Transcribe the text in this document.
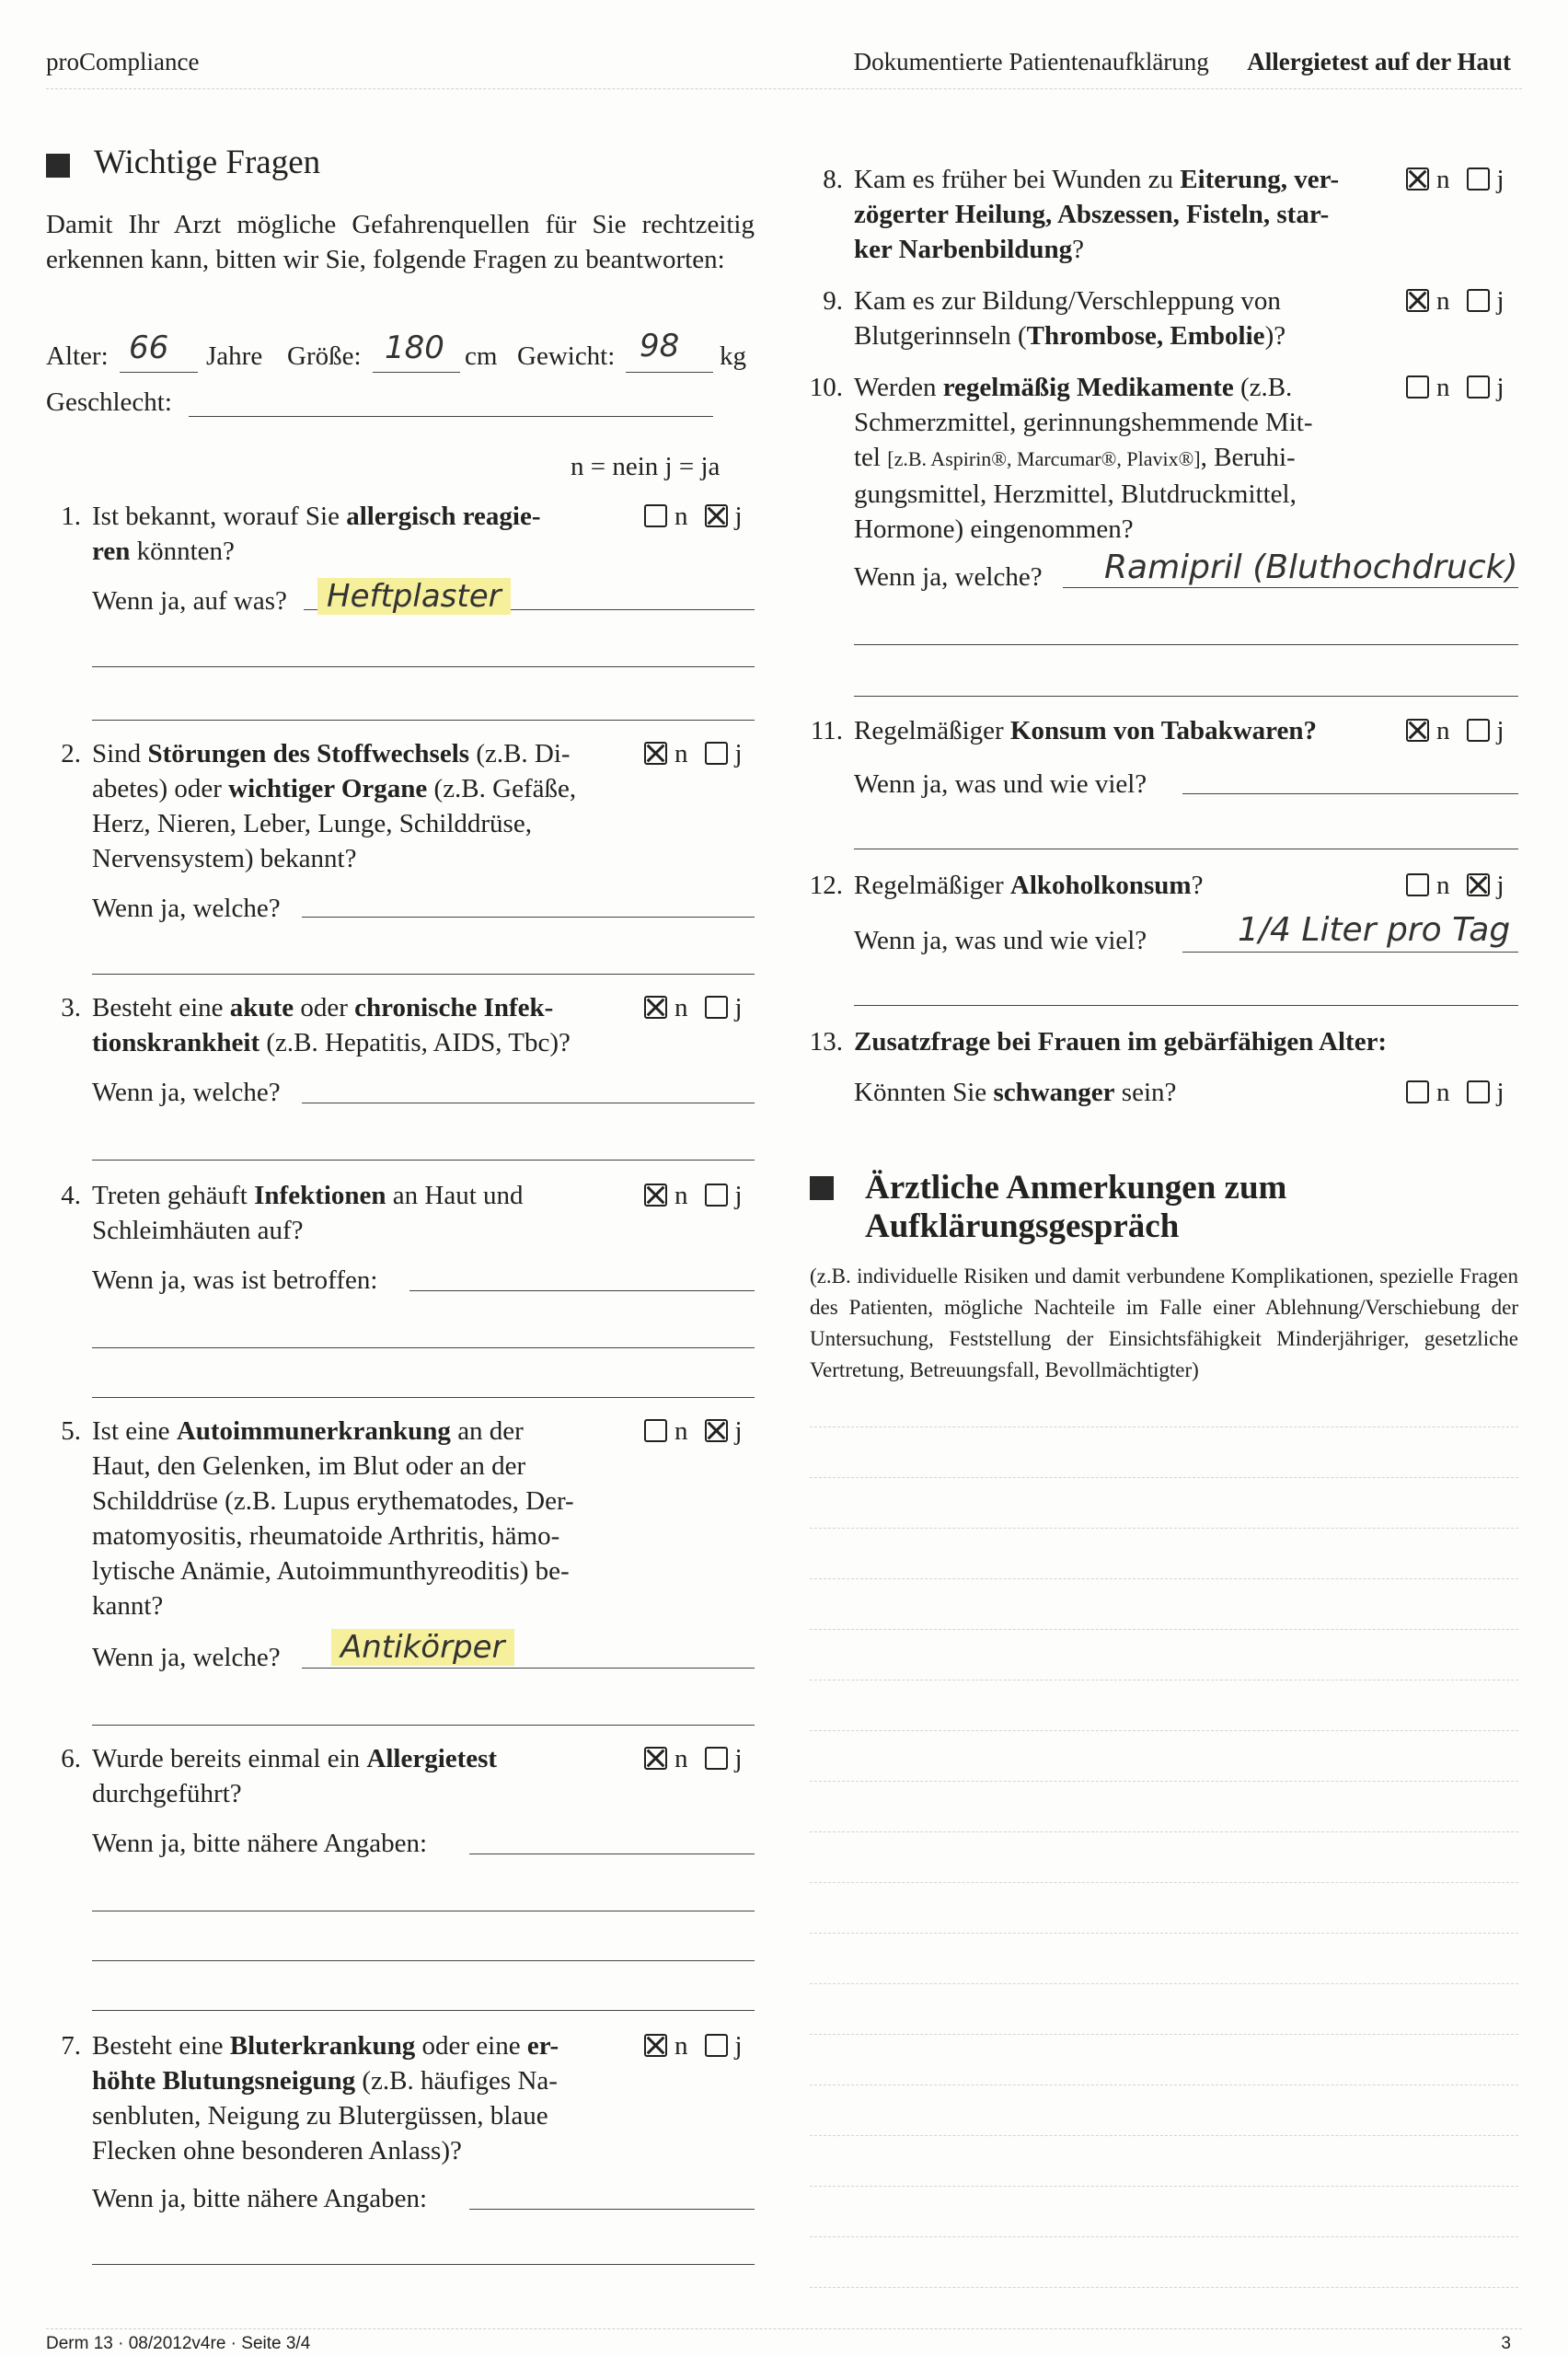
proCompliance	Dokumentierte Patientenaufklärung Allergietest auf der Haut
Wichtige Fragen
Damit Ihr Arzt mögliche Gefahrenquellen für Sie rechtzeitig erkennen kann, bitten wir Sie, folgende Fragen zu beantworten:
Alter: 66 Jahre Größe: 180 cm Gewicht: 98 kg
Geschlecht:
n = nein j = ja
1. Ist bekannt, worauf Sie allergisch reagie-
ren könnten?
n j
Wenn ja, auf was? Heftplaster
2. Sind Störungen des Stoffwechsels (z.B. Di-
abetes) oder wichtiger Organe (z.B. Gefäße,
Herz, Nieren, Leber, Lunge, Schilddrüse,
Nervensystem) bekannt?
n j
Wenn ja, welche?
3. Besteht eine akute oder chronische Infek-
tionskrankheit (z.B. Hepatitis, AIDS, Tbc)?
n j
Wenn ja, welche?
4. Treten gehäuft Infektionen an Haut und
Schleimhäuten auf?
n j
Wenn ja, was ist betroffen:
5. Ist eine Autoimmunerkrankung an der
Haut, den Gelenken, im Blut oder an der
Schilddrüse (z.B. Lupus erythematodes, Der-
matomyositis, rheumatoide Arthritis, hämo-
lytische Anämie, Autoimmunthyreoditis) be-
kannt?
n j
Wenn ja, welche? Antikörper
6. Wurde bereits einmal ein Allergietest
durchgeführt?
n j
Wenn ja, bitte nähere Angaben:
7. Besteht eine Bluterkrankung oder eine er-
höhte Blutungsneigung (z.B. häufiges Na-
senbluten, Neigung zu Blutergüssen, blaue
Flecken ohne besonderen Anlass)?
n j
Wenn ja, bitte nähere Angaben:
8. Kam es früher bei Wunden zu Eiterung, ver-
zögerter Heilung, Abszessen, Fisteln, star-
ker Narbenbildung?
n j
9. Kam es zur Bildung/Verschleppung von
Blutgerinnseln (Thrombose, Embolie)?
n j
10. Werden regelmäßig Medikamente (z.B.
Schmerzmittel, gerinnungshemmende Mit-
tel [z.B. Aspirin®, Marcumar®, Plavix®], Beruhi-
gungsmittel, Herzmittel, Blutdruckmittel,
Hormone) eingenommen?
n j
Wenn ja, welche? Ramipril (Bluthochdruck)
11. Regelmäßiger Konsum von Tabakwaren?	n j
Wenn ja, was und wie viel?
12. Regelmäßiger Alkoholkonsum?	n j
Wenn ja, was und wie viel?	1/4 Liter pro Tag
13. Zusatzfrage bei Frauen im gebärfähigen Alter:
Könnten Sie schwanger sein?	n j
Ärztliche Anmerkungen zum Aufklärungsgespräch
(z.B. individuelle Risiken und damit verbundene Komplikationen, spezielle Fragen des Patienten, mögliche Nachteile im Falle einer Ablehnung/Verschiebung der Untersuchung, Feststellung der Einsichtsfähigkeit Minderjähriger, gesetzliche Vertretung, Betreuungsfall, Bevollmächtigter)
Derm 13 · 08/2012v4re · Seite 3/4	3
